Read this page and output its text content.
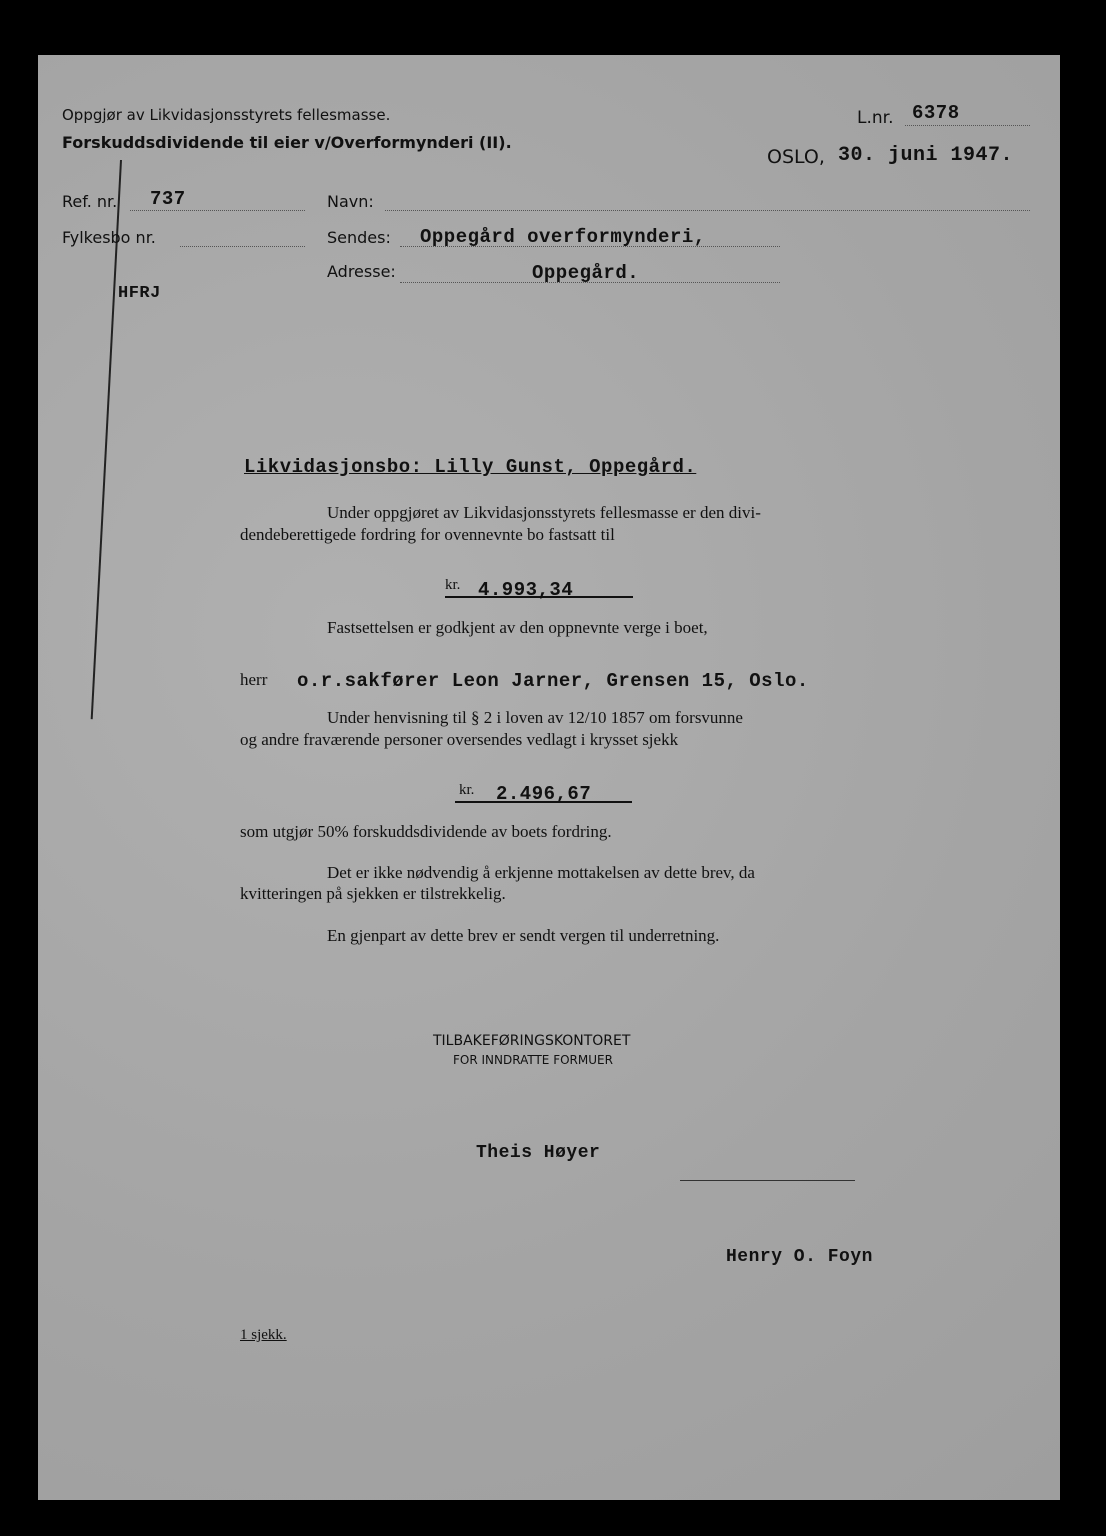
Oppgjør av Likvidasjonsstyrets fellesmasse.
Forskuddsdividende til eier v/Overformynderi (II).
L.nr. 6378
OSLO, 30. juni 1947.
Ref. nr. 737
Fylkesbo nr.
HFRJ
Navn:
Sendes: Oppegård overformynderi,
Adresse:	Oppegård.
Likvidasjonsbo: Lilly Gunst, Oppegård.
Under oppgjøret av Likvidasjonsstyrets fellesmasse er den divi-
dendeberettigede fordring for ovennevnte bo fastsatt til
kr. 4.993,34
Fastsettelsen er godkjent av den oppnevnte verge i boet,
herr o.r.sakfører Leon Jarner, Grensen 15, Oslo.
Under henvisning til § 2 i loven av 12/10 1857 om forsvunne
og andre fraværende personer oversendes vedlagt i krysset sjekk
kr. 2.496,67
som utgjør 50% forskuddsdividende av boets fordring.
Det er ikke nødvendig å erkjenne mottakelsen av dette brev, da
kvitteringen på sjekken er tilstrekkelig.
En gjenpart av dette brev er sendt vergen til underretning.
TILBAKEFØRINGSKONTORET
FOR INNDRATTE FORMUER
Theis Høyer
Henry O. Foyn
1 sjekk.
